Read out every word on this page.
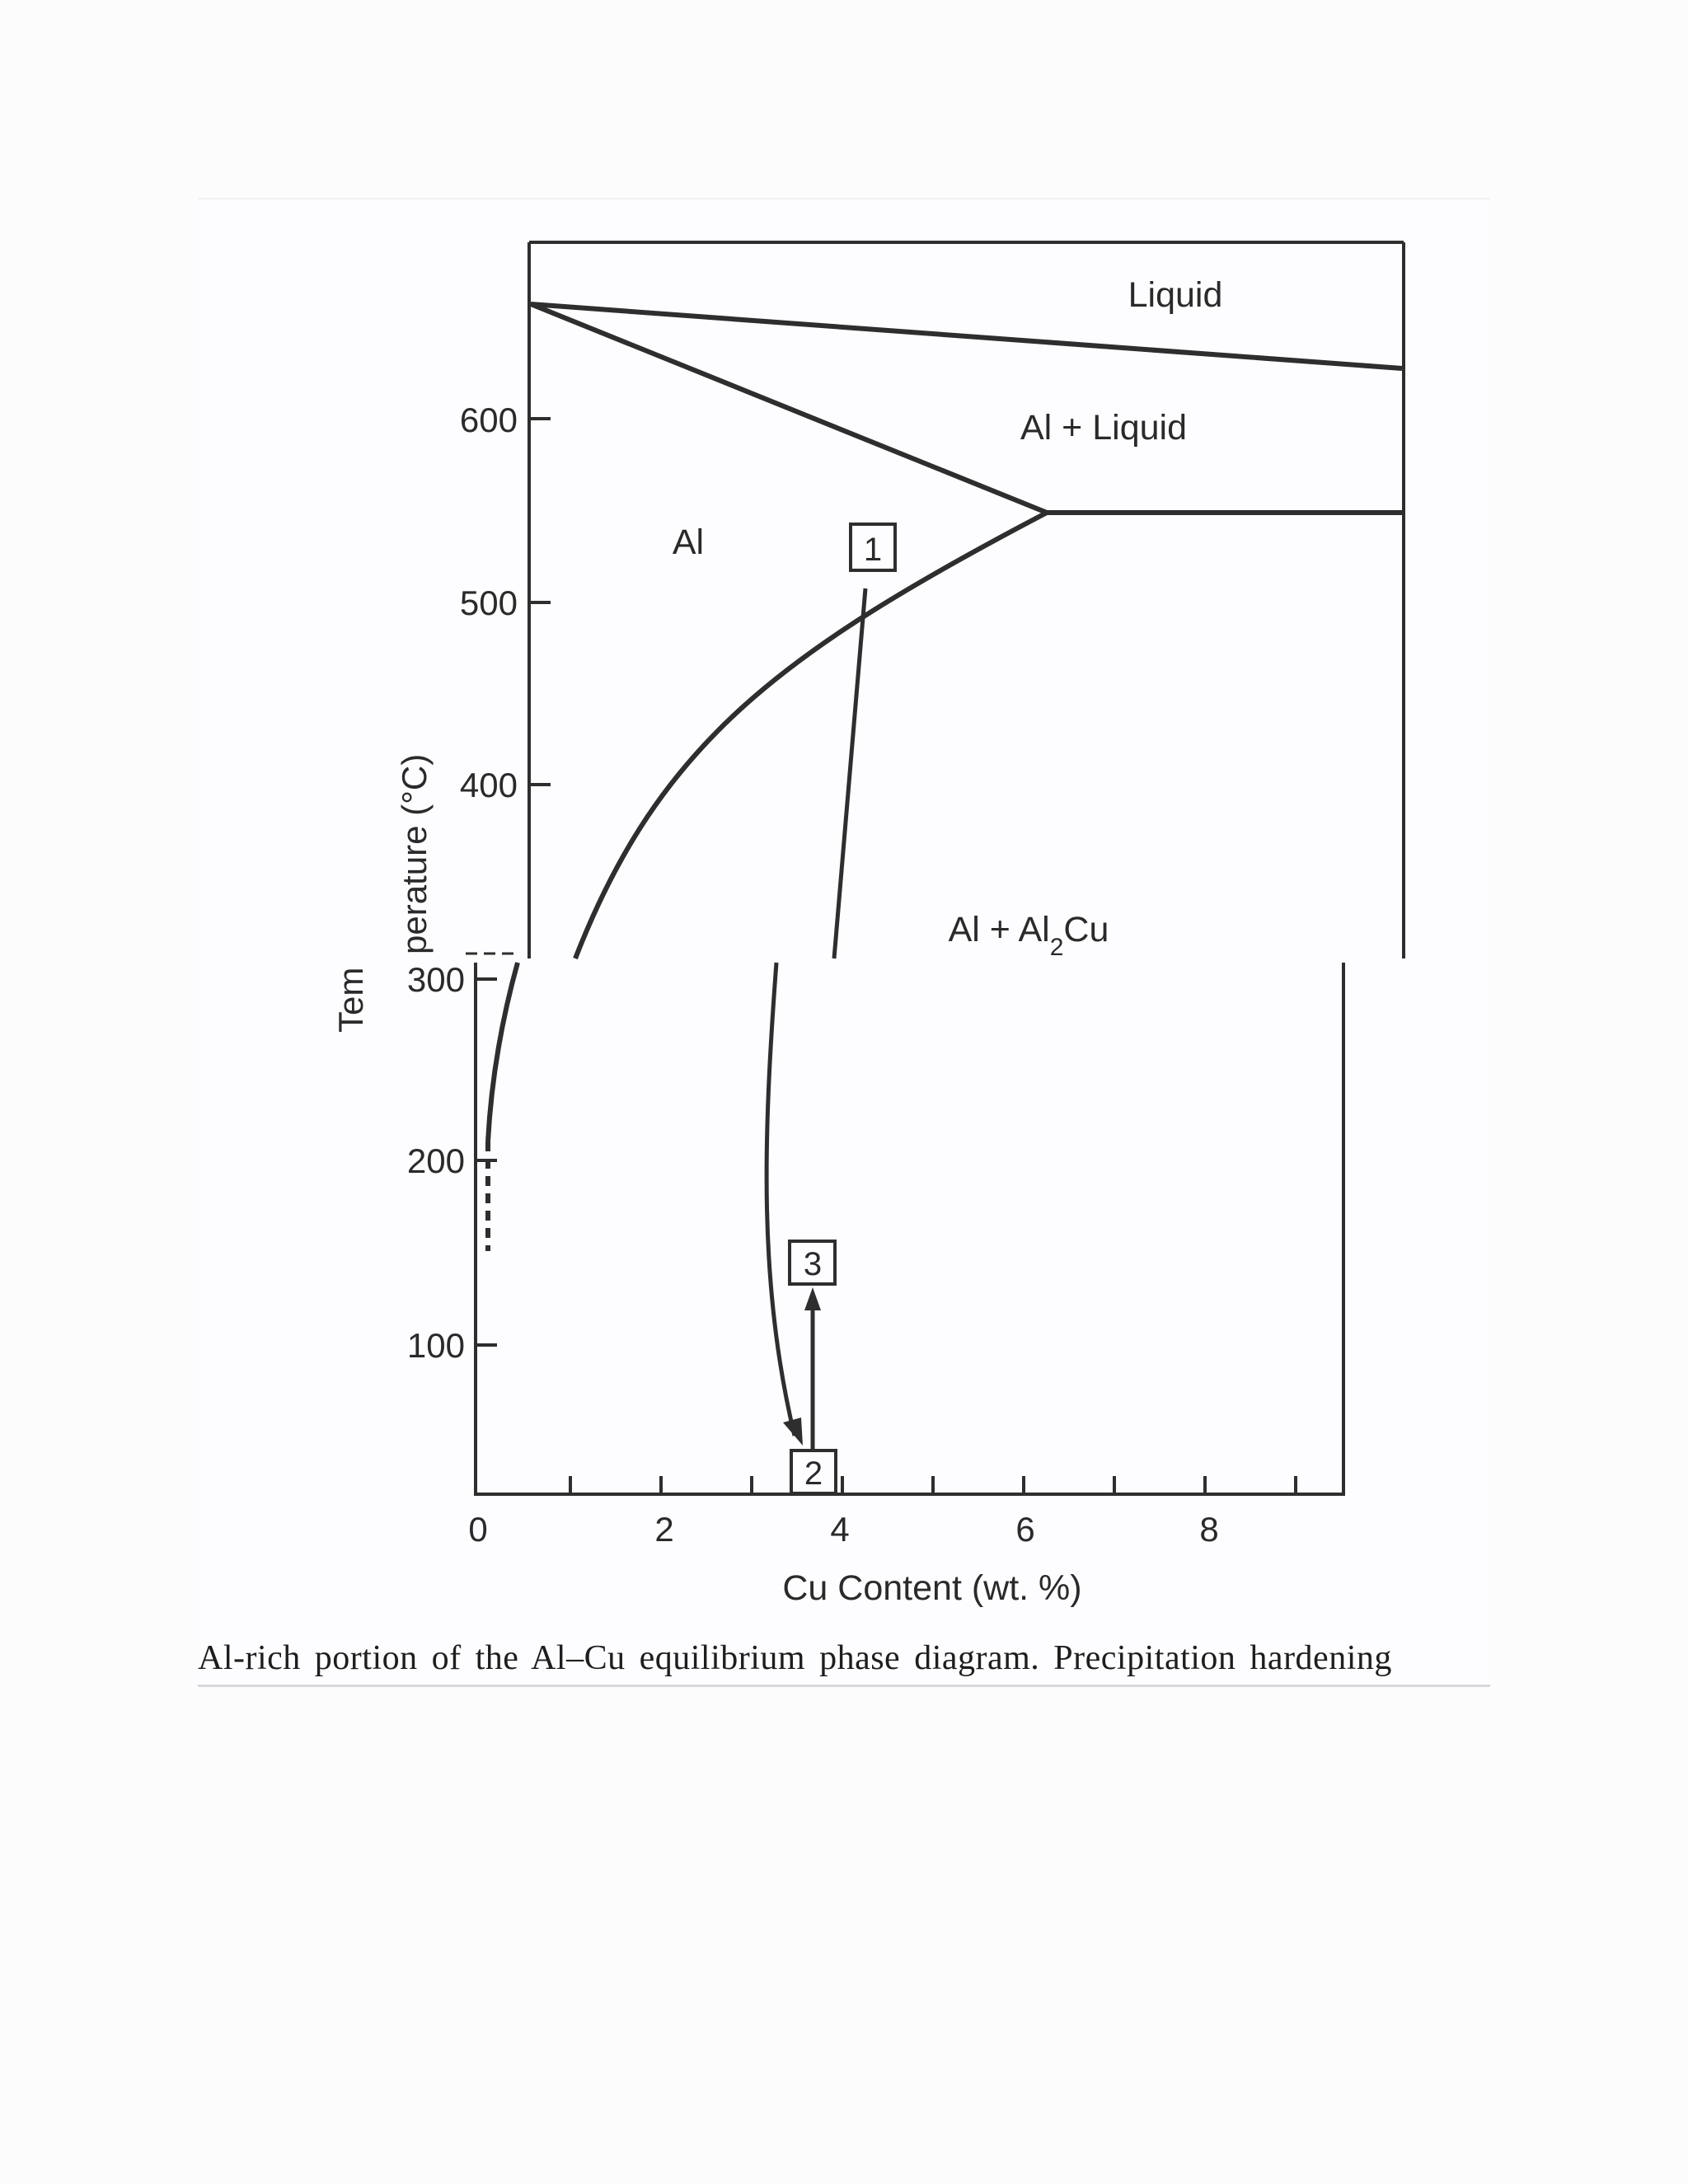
600
500
400
1
Liquid
Al + Liquid
Al
$Al + Al_2Cu$
perature (°C)
300
200
100
0	2	4	6	8
Cu Content (wt. %)
Tem
2
3
Al-rich portion of the Al–Cu equilibrium phase diagram. Precipitation hardening
